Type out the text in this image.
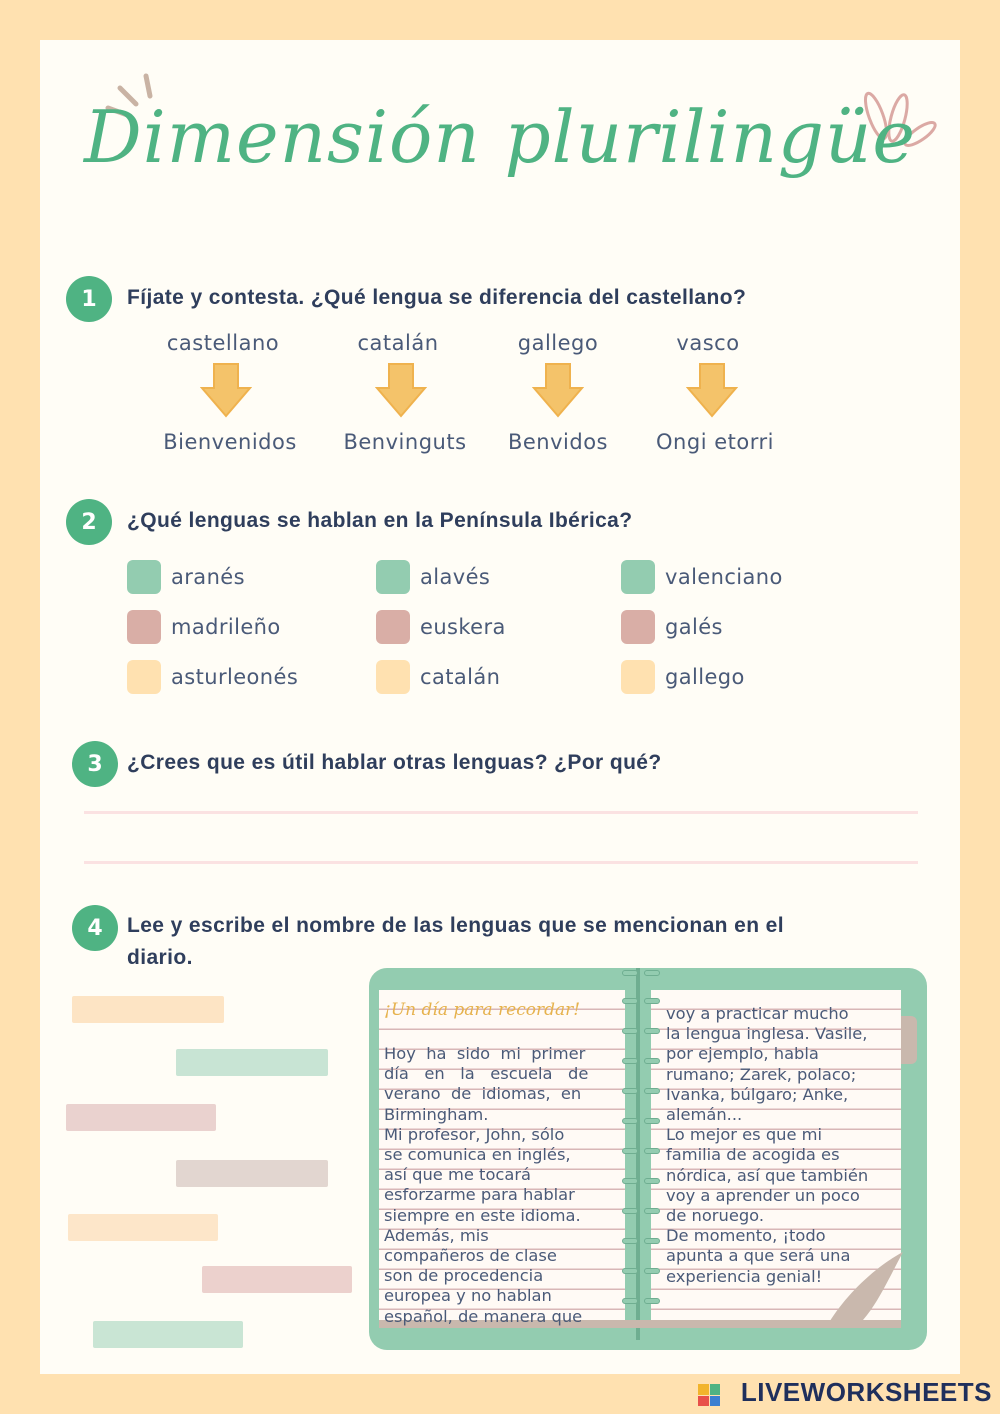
Dimensión plurilingüe
1	Fíjate y contesta. ¿Qué lengua se diferencia del castellano?
castellano	catalán	gallego	vasco
Bienvenidos	Benvinguts	Benvidos	Ongi etorri
2	¿Qué lenguas se hablan en la Península Ibérica?
aranés	alavés	valenciano
madrileño	euskera	galés
asturleonés	catalán	gallego
3	¿Crees que es útil hablar otras lenguas? ¿Por qué?
4	Lee y escribe el nombre de las lenguas que se mencionan en el
diario.
¡Un día para recordar!
Hoy  ha  sido  mi  primer
día   en   la   escuela   de
verano  de  idiomas,  en
Birmingham.
Mi profesor, John, sólo
se comunica en inglés,
así que me tocará
esforzarme para hablar
siempre en este idioma.
Además, mis
compañeros de clase
son de procedencia
europea y no hablan
español, de manera que
voy a practicar mucho
la lengua inglesa. Vasile,
por ejemplo, habla
rumano; Zarek, polaco;
Ivanka, búlgaro; Anke,
alemán...
Lo mejor es que mi
familia de acogida es
nórdica, así que también
voy a aprender un poco
de noruego.
De momento, ¡todo
apunta a que será una
experiencia genial!
LIVEWORKSHEETS
